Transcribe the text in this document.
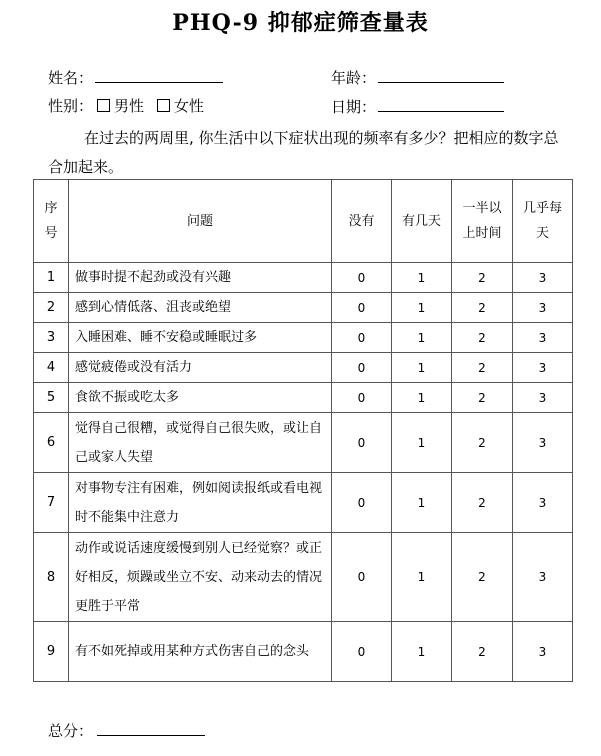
PHQ-9 抑郁症筛查量表
姓名：	年龄：
性别： 男性 女性	日期：
在过去的两周里, 你生活中以下症状出现的频率有多少？把相应的数字总合加起来。
序号	问题	没有	有几天	一半以上时间	几乎每天
1	做事时提不起劲或没有兴趣	0	1	2	3
2	感到心情低落、沮丧或绝望	0	1	2	3
3	入睡困难、睡不安稳或睡眠过多	0	1	2	3
4	感觉疲倦或没有活力	0	1	2	3
5	食欲不振或吃太多	0	1	2	3
6	觉得自己很糟，或觉得自己很失败，或让自己或家人失望	0	1	2	3
7	对事物专注有困难，例如阅读报纸或看电视时不能集中注意力	0	1	2	3
8	动作或说话速度缓慢到别人已经觉察？或正好相反，烦躁或坐立不安、动来动去的情况更胜于平常	0	1	2	3
9	有不如死掉或用某种方式伤害自己的念头	0	1	2	3
总分：
